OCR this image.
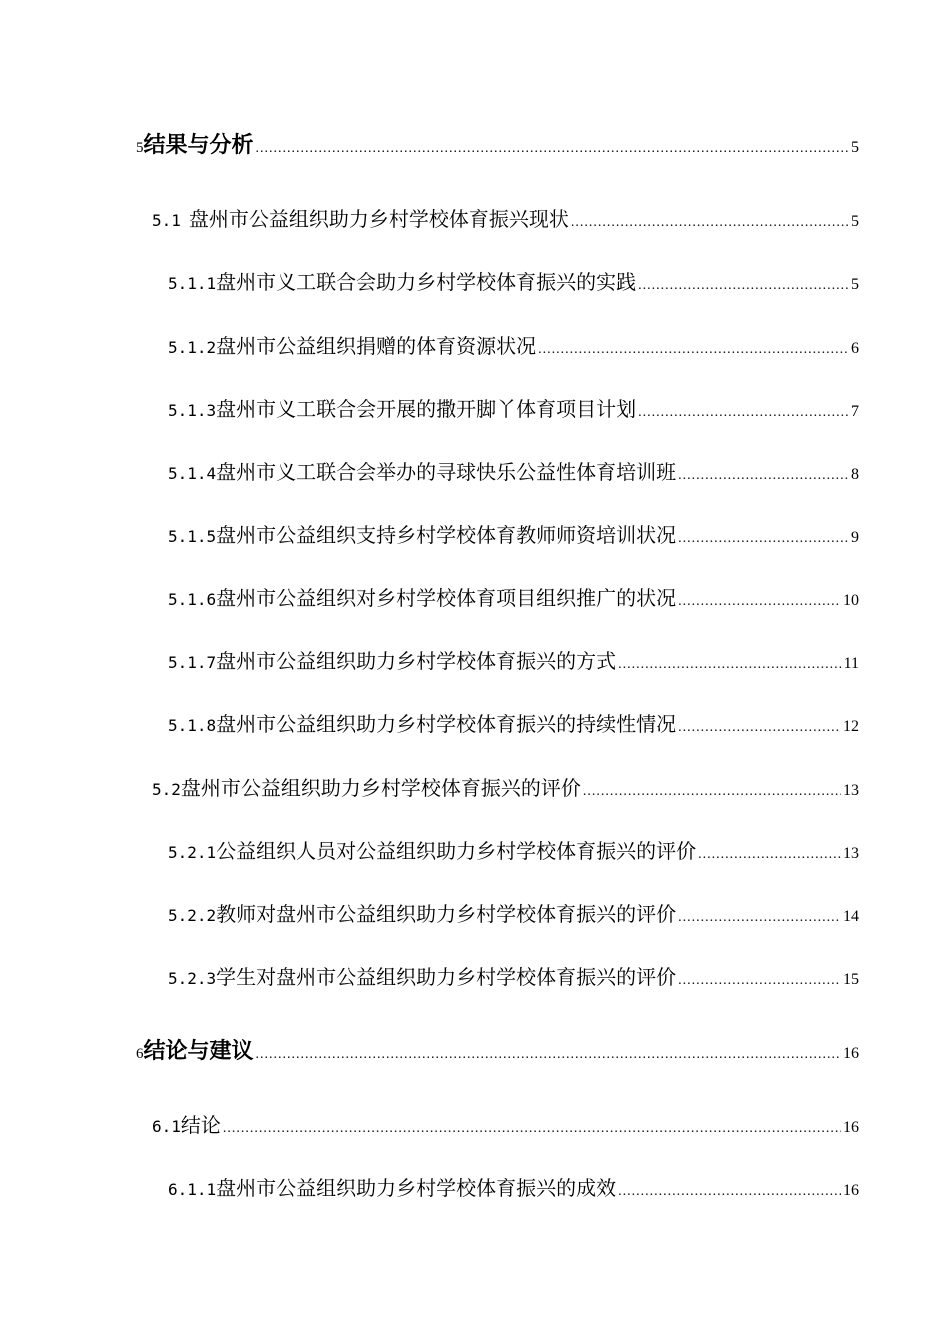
5 结果与分析 .....	5
5.1 盘州市公益组织助力乡村学校体育振兴现状 .....	5
5.1.1 盘州市义工联合会助力乡村学校体育振兴的实践 .....	5
5.1.2 盘州市公益组织捐赠的体育资源状况 .....	6
5.1.3 盘州市义工联合会开展的撒开脚丫体育项目计划 .....	7
5.1.4 盘州市义工联合会举办的寻球快乐公益性体育培训班 .....	8
5.1.5 盘州市公益组织支持乡村学校体育教师师资培训状况 .....	9
5.1.6 盘州市公益组织对乡村学校体育项目组织推广的状况 .....	10
5.1.7 盘州市公益组织助力乡村学校体育振兴的方式 .....	11
5.1.8 盘州市公益组织助力乡村学校体育振兴的持续性情况 .....	12
5.2 盘州市公益组织助力乡村学校体育振兴的评价 .....	13
5.2.1 公益组织人员对公益组织助力乡村学校体育振兴的评价 .....	13
5.2.2 教师对盘州市公益组织助力乡村学校体育振兴的评价 .....	14
5.2.3 学生对盘州市公益组织助力乡村学校体育振兴的评价 .....	15
6 结论与建议 .....	16
6.1 结论 .....	16
6.1.1 盘州市公益组织助力乡村学校体育振兴的成效 .....	16
